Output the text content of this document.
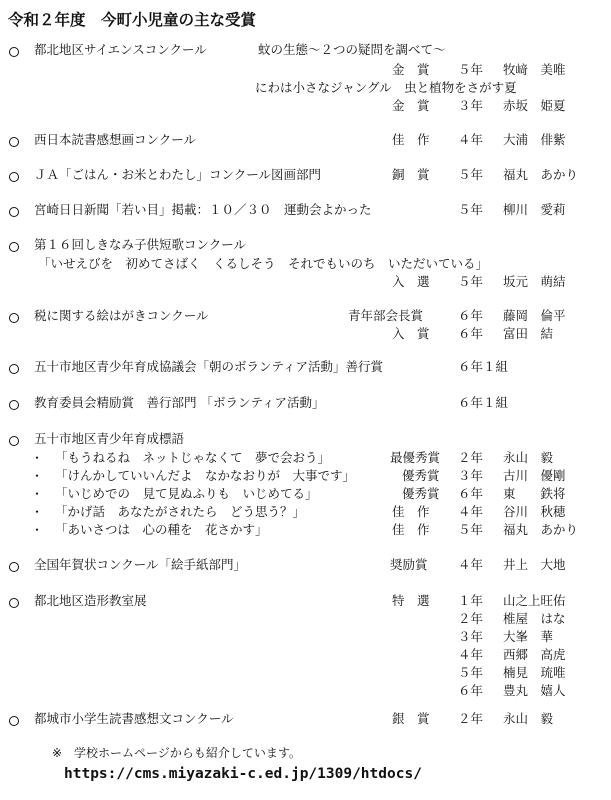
令和２年度　今町小児童の主な受賞
都北地区サイエンスコンクール	蚊の生態～２つの疑問を調べて～
金　賞 ５年 牧﨑　美唯
にわは小さなジャングル　虫と植物をさがす夏
金　賞 ３年 赤坂　姫夏
西日本読書感想画コンクール	佳　作 ４年 大浦　俳紫
ＪＡ「ごはん・お米とわたし」コンクール図画部門	銅　賞 ５年 福丸　あかり
宮崎日日新聞「若い目」掲載：１０／３０　運動会よかった	５年 柳川　愛莉
第１６回しきなみ子供短歌コンクール
「いせえびを　初めてさばく　くるしそう　それでもいのち　いただいている」
入　選 ５年 坂元　萌結
税に関する絵はがきコンクール	青年部会長賞	６年 藤岡　倫平
入　賞 ６年 富田　結
五十市地区青少年育成協議会「朝のボランティア活動」善行賞	６年１組
教育委員会精励賞　善行部門 「ボランティア活動」	６年１組
五十市地区青少年育成標語
・ 「もうねるね　ネットじゃなくて　夢で会おう」	最優秀賞 ２年 永山　毅
・ 「けんかしていいんだよ　なかなおりが　大事です」	優秀賞 ３年 古川　優剛
・ 「いじめでの　見て見ぬふりも　いじめてる」	優秀賞 ６年 東　　鉄将
・ 「かげ話　あなたがされたら　どう思う？」	佳　作 ４年 谷川　秋穂
・ 「あいさつは　心の種を　花さかす」	佳　作 ５年 福丸　あかり
全国年賀状コンクール「絵手紙部門」	奨励賞 ４年 井上　大地
都北地区造形教室展	特　選 １年 山之上旺佑
２年 椎屋　はな
３年 大峯　華
４年 西郷　高虎
５年 楠見　琉唯
６年 豊丸　嬉人
都城市小学生読書感想文コンクール	銀　賞 ２年 永山　毅
※　学校ホームページからも紹介しています。
https://cms.miyazaki-c.ed.jp/1309/htdocs/
